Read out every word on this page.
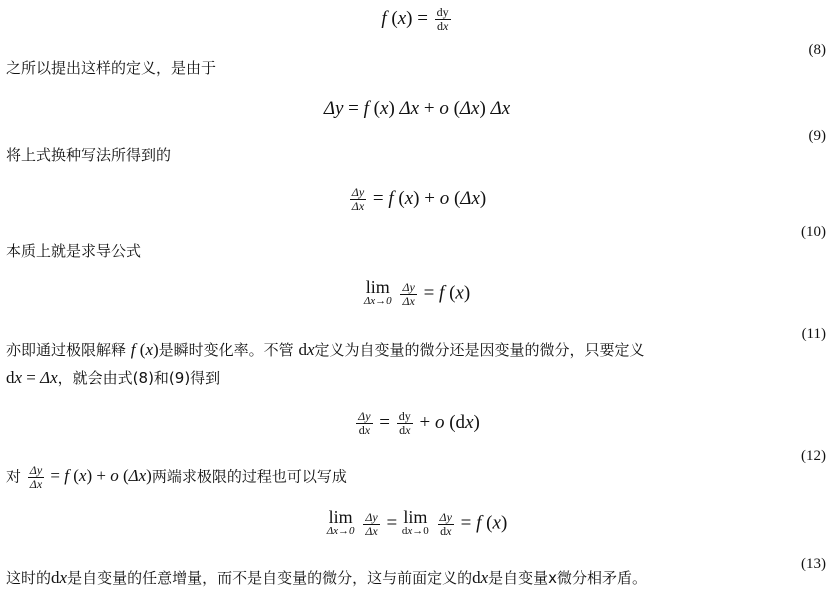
f $(x) = \frac{dy}{dx}$
(8)
之所以提出这样的定义，是由于
Δy = f (x) Δx + o (Δx) Δx
(9)
将上式换种写法所得到的
$\frac{\Delta y}{\Delta x} = f$ (x) + o (Δx)
(10)
本质上就是求导公式
lim
Δx→0
$\frac{\Delta y}{\Delta x} = f$ (x)
(11)
亦即通过极限解释 f (x)是瞬时变化率。不管 dx定义为自变量的微分还是因变量的微分，只要定义
dx = Δx，就会由式(8)和(9)得到
$\frac{\Delta y}{dx} = \frac{dy}{dx} + o$ (dx)
(12)
对 $\frac{\Delta y}{\Delta x} = f$ (x) + o (Δx)两端求极限的过程也可以写成
lim
Δx→0
$\frac{\Delta y}{\Delta x} = \lim$
dx→0
$\frac{\Delta y}{dx} = f$ (x)
(13)
这时的dx是自变量的任意增量，而不是自变量的微分，这与前面定义的dx是自变量x微分相矛盾。
